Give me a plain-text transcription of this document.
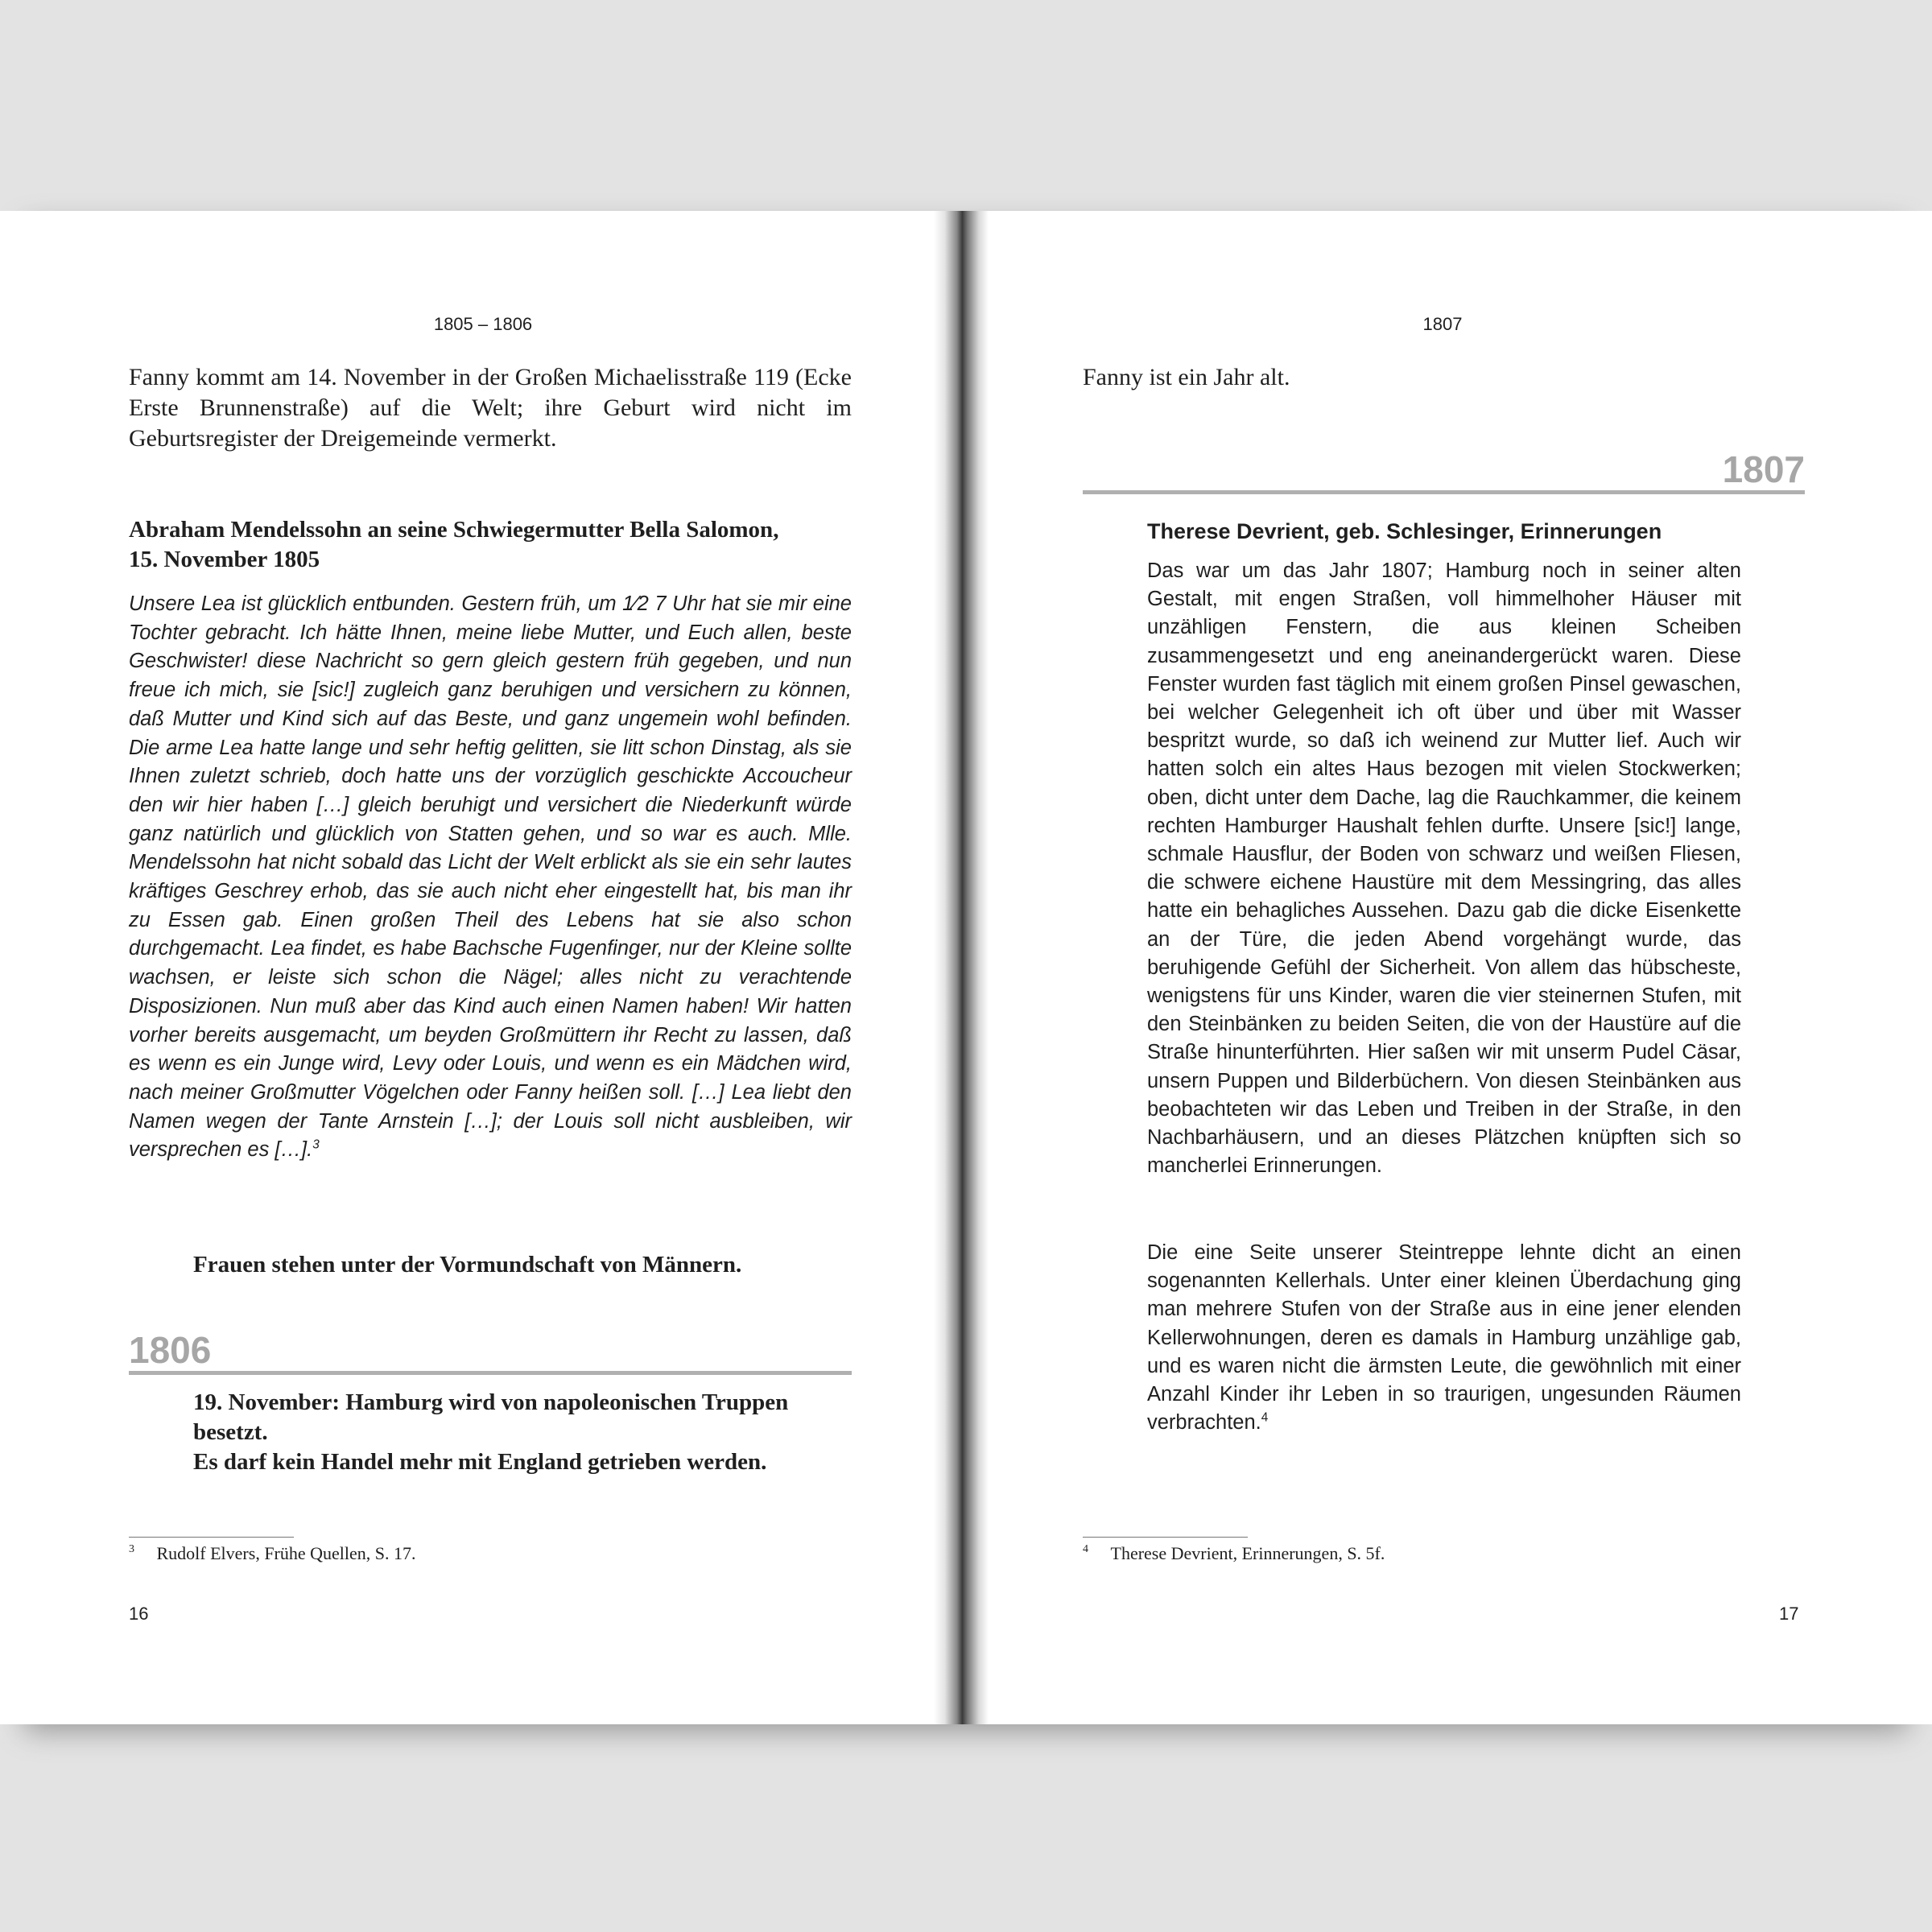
1805 – 1806

Fanny kommt am 14. November in der Großen Michaelisstraße 119 (Ecke Erste Brunnenstraße) auf die Welt; ihre Geburt wird nicht im Geburtsregister der Dreigemeinde vermerkt.

Abraham Mendelssohn an seine Schwiegermutter Bella Salomon,
15. November 1805

Unsere Lea ist glücklich entbunden. Gestern früh, um 1⁄2 7 Uhr hat sie mir eine Tochter gebracht. Ich hätte Ihnen, meine liebe Mutter, und Euch allen, beste Geschwister! diese Nachricht so gern gleich gestern früh gegeben, und nun freue ich mich, sie [sic!] zugleich ganz beruhigen und versichern zu können, daß Mutter und Kind sich auf das Beste, und ganz ungemein wohl befinden. Die arme Lea hatte lange und sehr heftig gelitten, sie litt schon Dinstag, als sie Ihnen zuletzt schrieb, doch hatte uns der vorzüglich geschickte Accoucheur den wir hier haben […] gleich beruhigt und versichert die Niederkunft würde ganz natürlich und glücklich von Statten gehen, und so war es auch. Mlle. Mendelssohn hat nicht sobald das Licht der Welt erblickt als sie ein sehr lautes kräftiges Geschrey erhob, das sie auch nicht eher eingestellt hat, bis man ihr zu Essen gab. Einen großen Theil des Lebens hat sie also schon durchgemacht. Lea findet, es habe Bachsche Fugenfinger, nur der Kleine sollte wachsen, er leiste sich schon die Nägel; alles nicht zu verachtende Disposizionen. Nun muß aber das Kind auch einen Namen haben! Wir hatten vorher bereits ausgemacht, um beyden Großmüttern ihr Recht zu lassen, daß es wenn es ein Junge wird, Levy oder Louis, und wenn es ein Mädchen wird, nach meiner Großmutter Vögelchen oder Fanny heißen soll. […] Lea liebt den Namen wegen der Tante Arnstein […]; der Louis soll nicht ausbleiben, wir versprechen es […].$^3$

Frauen stehen unter der Vormundschaft von Männern.
1806
19. November: Hamburg wird von napoleonischen Truppen besetzt.
Es darf kein Handel mehr mit England getrieben werden.
$^3$ Rudolf Elvers, Frühe Quellen, S. 17.
16
1807

Fanny ist ein Jahr alt.

1807
Therese Devrient, geb. Schlesinger, Erinnerungen

Das war um das Jahr 1807; Hamburg noch in seiner alten Gestalt, mit engen Straßen, voll himmelhoher Häuser mit unzähligen Fenstern, die aus kleinen Scheiben zusammengesetzt und eng aneinandergerückt waren. Diese Fenster wurden fast täglich mit einem großen Pinsel gewaschen, bei welcher Gelegenheit ich oft über und über mit Wasser bespritzt wurde, so daß ich weinend zur Mutter lief. Auch wir hatten solch ein altes Haus bezogen mit vielen Stockwerken; oben, dicht unter dem Dache, lag die Rauchkammer, die keinem rechten Hamburger Haushalt fehlen durfte. Unsere [sic!] lange, schmale Hausflur, der Boden von schwarz und weißen Fliesen, die schwere eichene Haustüre mit dem Messingring, das alles hatte ein behagliches Aussehen. Dazu gab die dicke Eisenkette an der Türe, die jeden Abend vorgehängt wurde, das beruhigende Gefühl der Sicherheit. Von allem das hübscheste, wenigstens für uns Kinder, waren die vier steinernen Stufen, mit den Steinbänken zu beiden Seiten, die von der Haustüre auf die Straße hinunterführten. Hier saßen wir mit unserm Pudel Cäsar, unsern Puppen und Bilderbüchern. Von diesen Steinbänken aus beobachteten wir das Leben und Treiben in der Straße, in den Nachbarhäusern, und an dieses Plätzchen knüpften sich so mancherlei Erinnerungen.

Die eine Seite unserer Steintreppe lehnte dicht an einen sogenannten Kellerhals. Unter einer kleinen Überdachung ging man mehrere Stufen von der Straße aus in eine jener elenden Kellerwohnungen, deren es damals in Hamburg unzählige gab, und es waren nicht die ärmsten Leute, die gewöhnlich mit einer Anzahl Kinder ihr Leben in so traurigen, ungesunden Räumen verbrachten.$^4$

$^4$ Therese Devrient, Erinnerungen, S. 5f.
17
